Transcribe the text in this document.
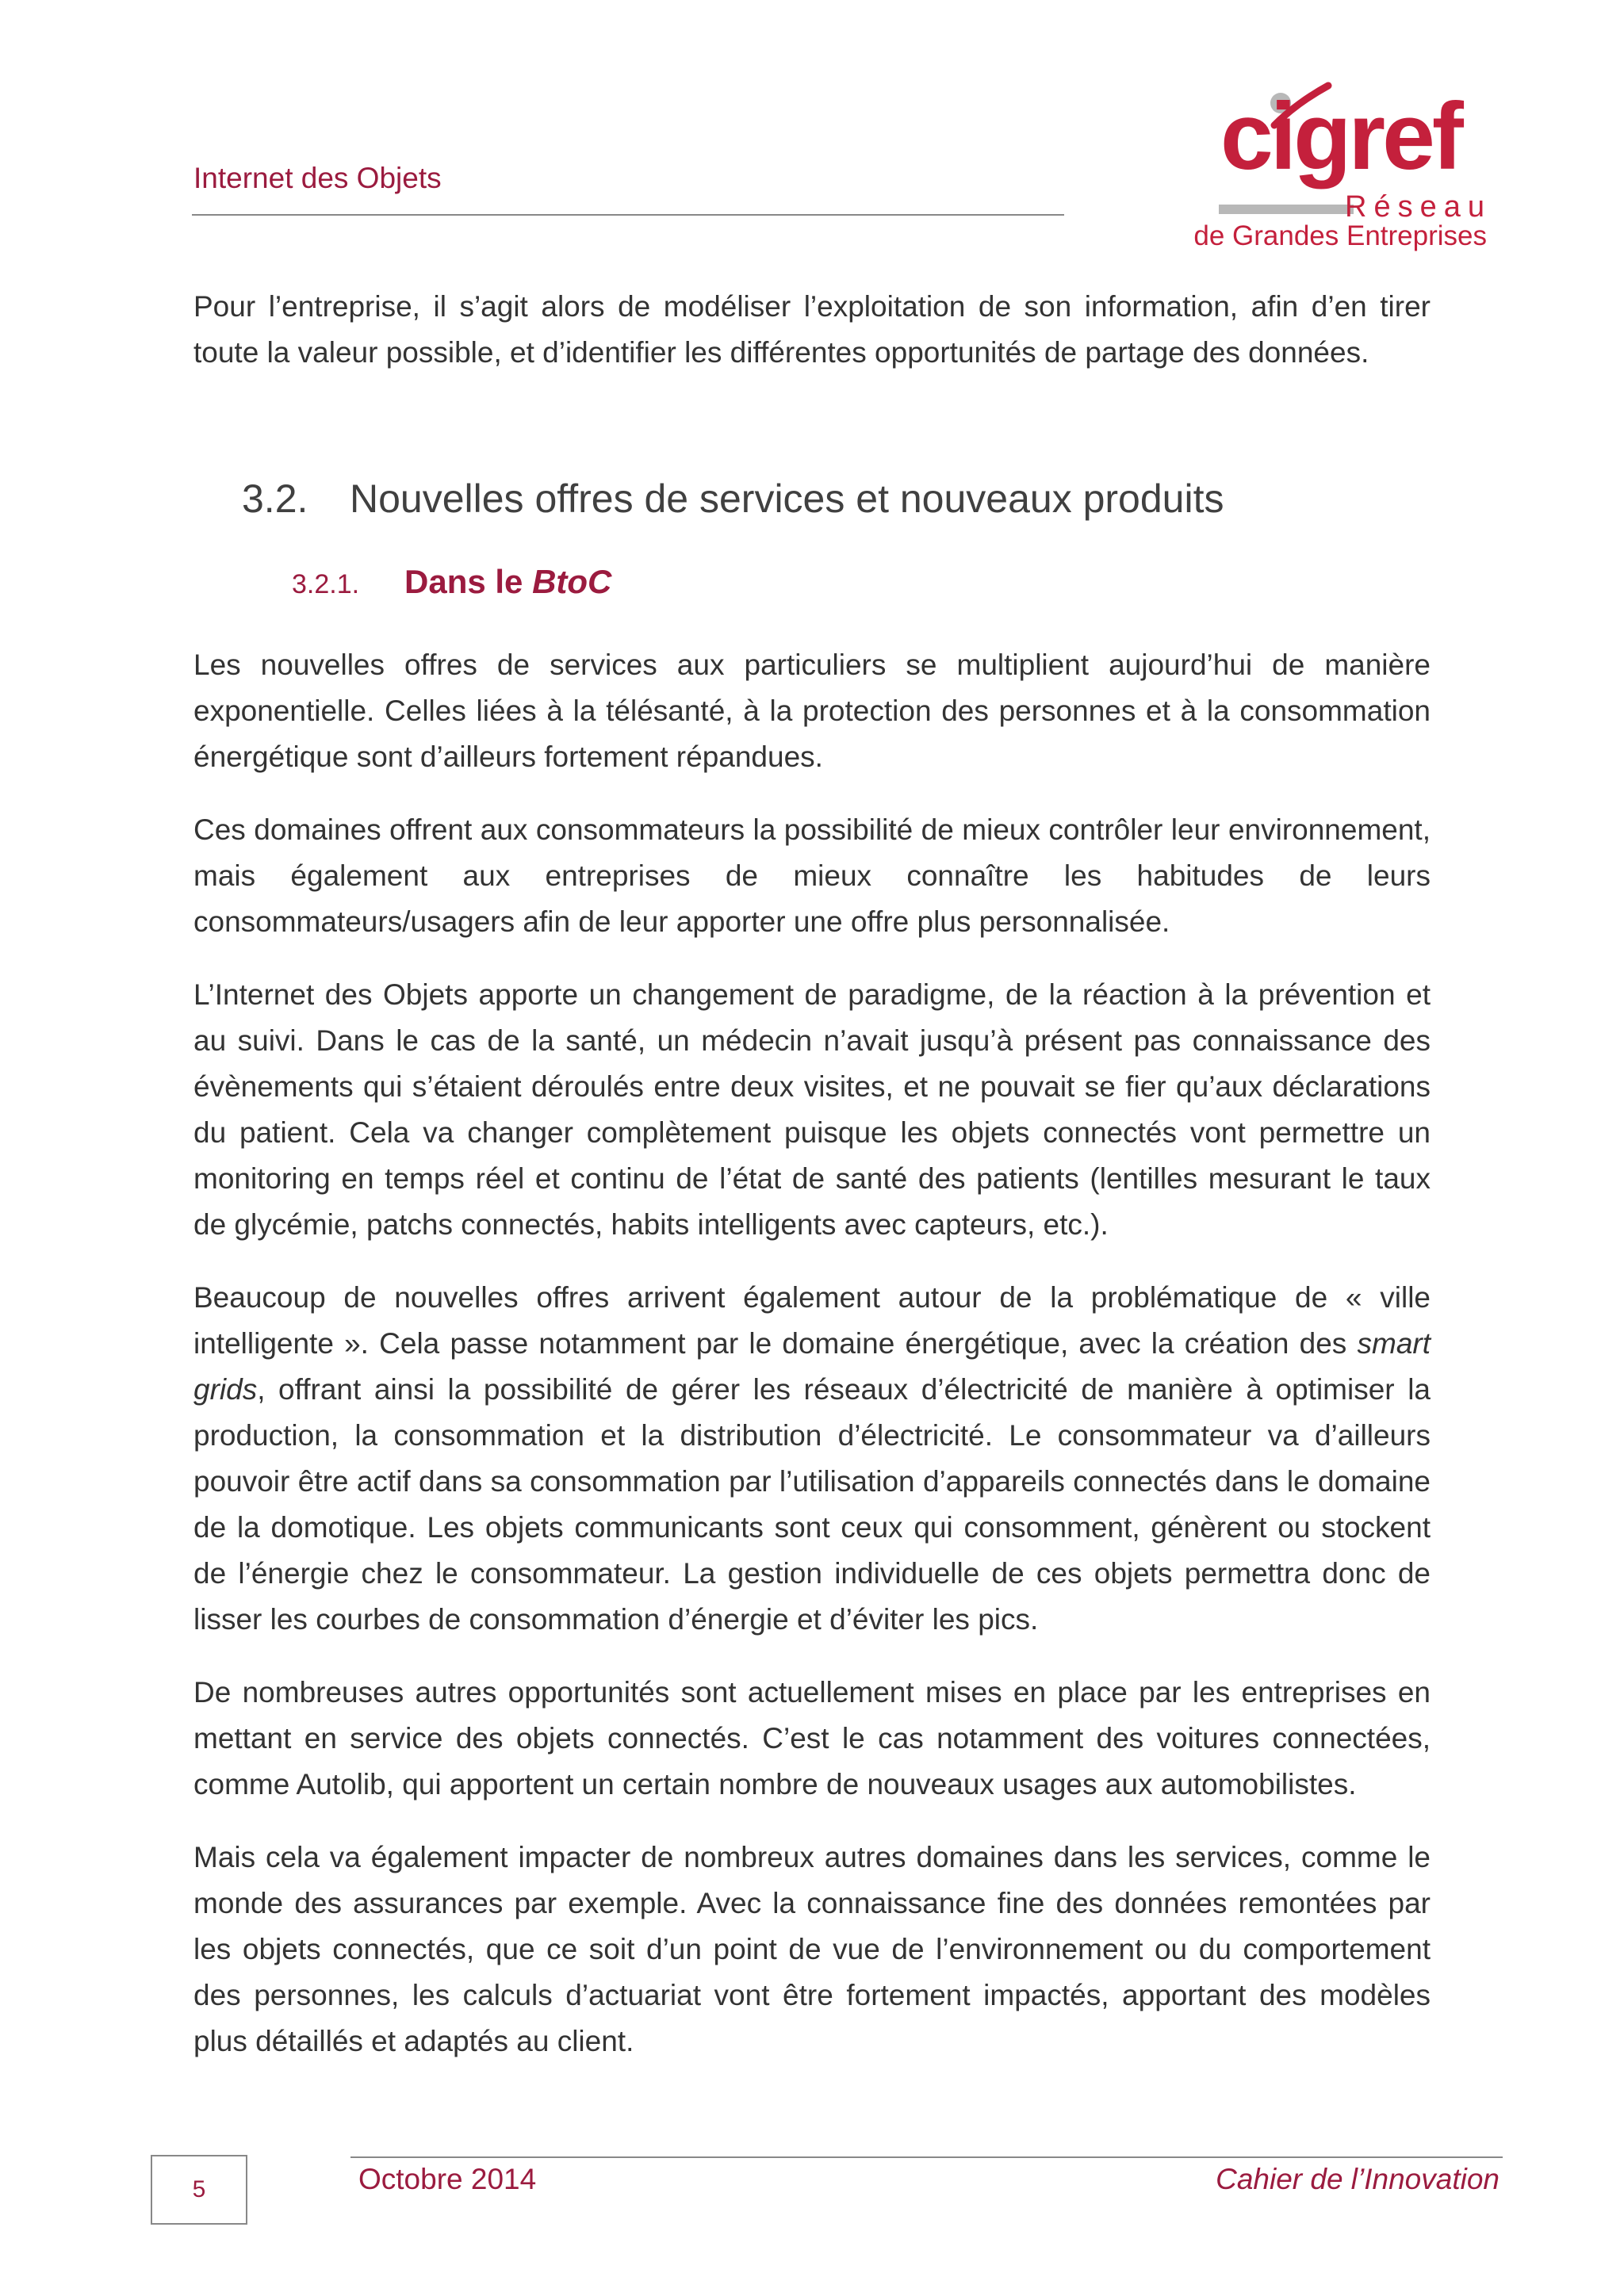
Internet des Objets	cigref
Réseau
de Grandes Entreprises

Pour l’entreprise, il s’agit alors de modéliser l’exploitation de son information, afin d’en tirer toute la valeur possible, et d’identifier les différentes opportunités de partage des données.

3.2. Nouvelles offres de services et nouveaux produits
3.2.1. Dans le BtoC

Les nouvelles offres de services aux particuliers se multiplient aujourd’hui de manière exponentielle. Celles liées à la télésanté, à la protection des personnes et à la consommation énergétique sont d’ailleurs fortement répandues.

Ces domaines offrent aux consommateurs la possibilité de mieux contrôler leur environnement, mais également aux entreprises de mieux connaître les habitudes de leurs consommateurs/usagers afin de leur apporter une offre plus personnalisée.

L’Internet des Objets apporte un changement de paradigme, de la réaction à la prévention et au suivi. Dans le cas de la santé, un médecin n’avait jusqu’à présent pas connaissance des évènements qui s’étaient déroulés entre deux visites, et ne pouvait se fier qu’aux déclarations du patient. Cela va changer complètement puisque les objets connectés vont permettre un monitoring en temps réel et continu de l’état de santé des patients (lentilles mesurant le taux de glycémie, patchs connectés, habits intelligents avec capteurs, etc.).

Beaucoup de nouvelles offres arrivent également autour de la problématique de « ville intelligente ». Cela passe notamment par le domaine énergétique, avec la création des smart grids, offrant ainsi la possibilité de gérer les réseaux d’électricité de manière à optimiser la production, la consommation et la distribution d’électricité. Le consommateur va d’ailleurs pouvoir être actif dans sa consommation par l’utilisation d’appareils connectés dans le domaine de la domotique. Les objets communicants sont ceux qui consomment, génèrent ou stockent de l’énergie chez le consommateur. La gestion individuelle de ces objets permettra donc de lisser les courbes de consommation d’énergie et d’éviter les pics.

De nombreuses autres opportunités sont actuellement mises en place par les entreprises en mettant en service des objets connectés. C’est le cas notamment des voitures connectées, comme Autolib, qui apportent un certain nombre de nouveaux usages aux automobilistes.

Mais cela va également impacter de nombreux autres domaines dans les services, comme le monde des assurances par exemple. Avec la connaissance fine des données remontées par les objets connectés, que ce soit d’un point de vue de l’environnement ou du comportement des personnes, les calculs d’actuariat vont être fortement impactés, apportant des modèles plus détaillés et adaptés au client.

5	Octobre 2014	Cahier de l’Innovation
